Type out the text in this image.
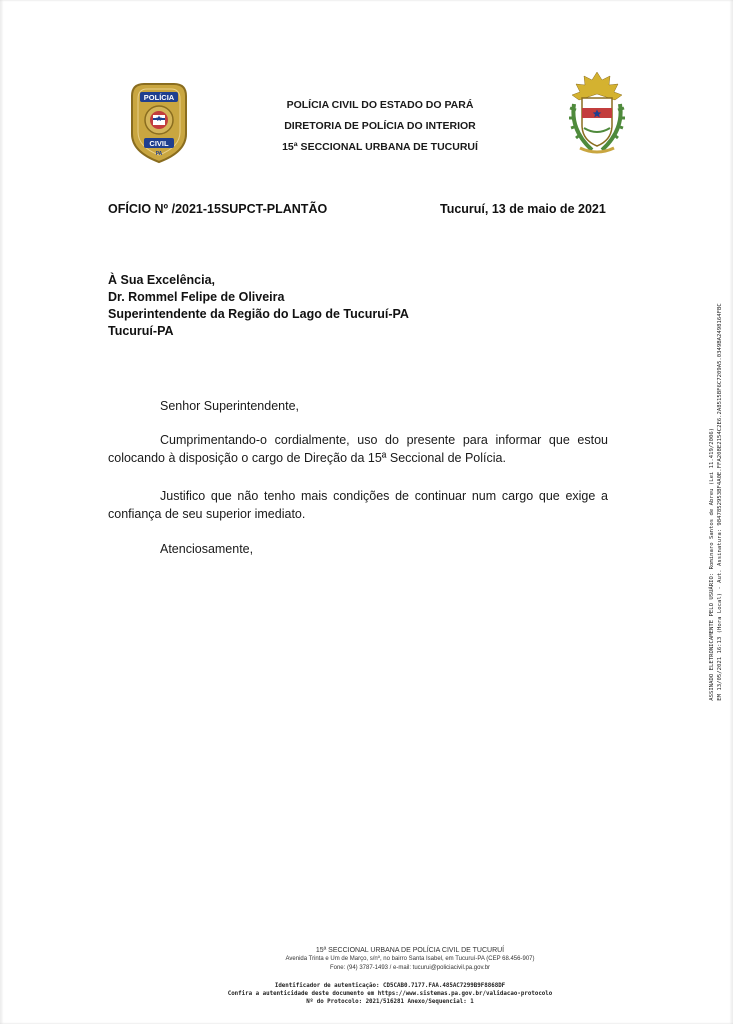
POLÍCIA
CIVIL
PA
POLÍCIA CIVIL DO ESTADO DO PARÁ
DIRETORIA DE POLÍCIA DO INTERIOR
15ª SECCIONAL URBANA DE TUCURUÍ
OFÍCIO Nº /2021-15SUPCT-PLANTÃO	Tucuruí, 13 de maio de 2021
À Sua Excelência,
Dr. Rommel Felipe de Oliveira
Superintendente da Região do Lago de Tucuruí-PA
Tucuruí-PA
Senhor Superintendente,
Cumprimentando-o cordialmente, uso do presente para informar que estou colocando à disposição o cargo de Direção da 15ª Seccional de Polícia.
Justifico que não tenho mais condições de continuar num cargo que exige a confiança de seu superior imediato.
Atenciosamente,	ASSINADO ELETRONICAMENTE PELO USUÁRIO: Rominaro Santos de Abreu (Lei 11.419/2006) EM 13/05/2021 16:13 (Hora Local) - Aut. Assinatura: 9847852953BF4A0E.FFA208E2154C2E6.2A8515BF6C7209A5.0349BA2498164FBC
15ª SECCIONAL URBANA DE POLÍCIA CIVIL DE TUCURUÍ
Avenida Trinta e Um de Março, s/nº, no bairro Santa Isabel, em Tucuruí-PA (CEP 68.456-907)
Fone: (94) 3787-1493 / e-mail: tucurui@policiacivil.pa.gov.br
Identificador de autenticação: CD5CAB0.7177.FAA.485AC7299B9F8868DF
Confira a autenticidade deste documento em https://www.sistemas.pa.gov.br/validacao-protocolo
Nº do Protocolo: 2021/516281 Anexo/Sequencial: 1
